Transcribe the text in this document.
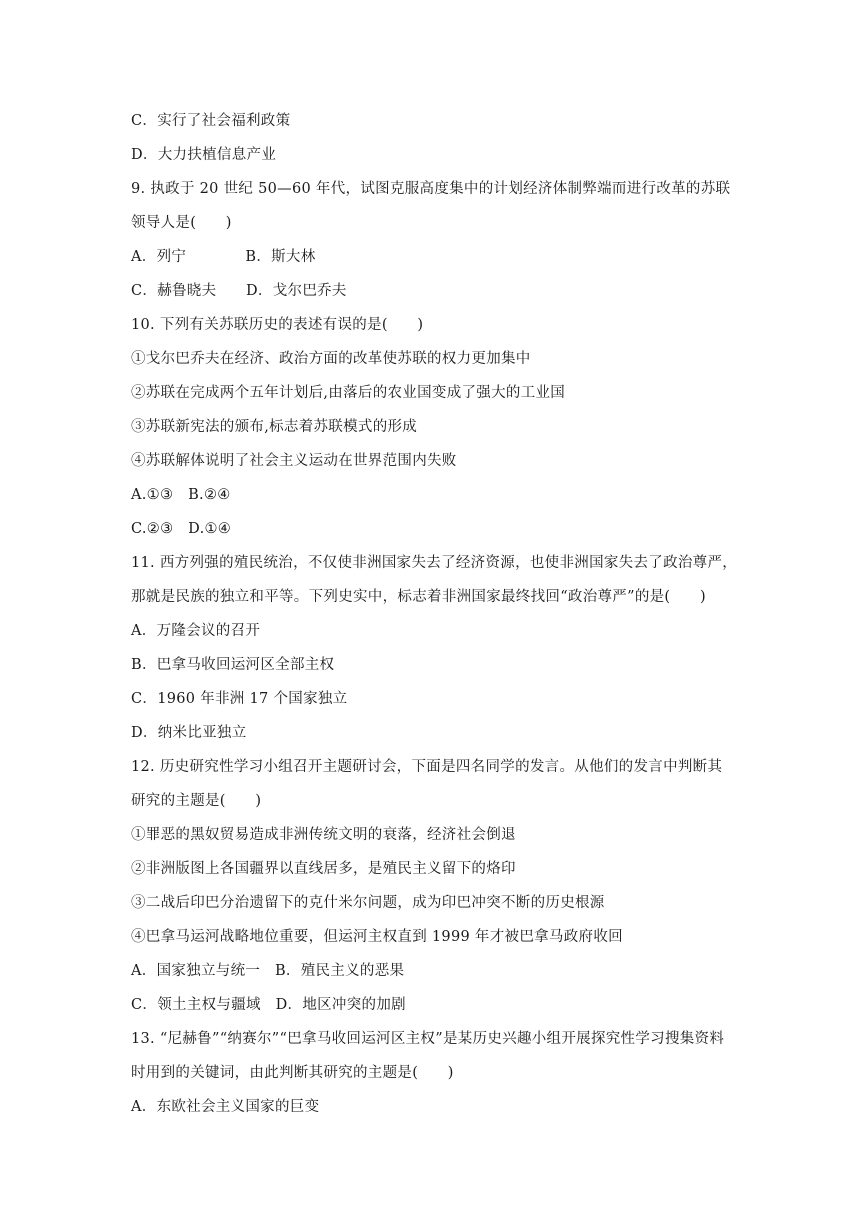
C．实行了社会福利政策
D．大力扶植信息产业
9. 执政于 20 世纪 50—60 年代，试图克服高度集中的计划经济体制弊端而进行改革的苏联
领导人是(　　)
A．列宁　　　　B．斯大林
C．赫鲁晓夫　　D．戈尔巴乔夫
10. 下列有关苏联历史的表述有误的是(　　)
①戈尔巴乔夫在经济、政治方面的改革使苏联的权力更加集中
②苏联在完成两个五年计划后,由落后的农业国变成了强大的工业国
③苏联新宪法的颁布,标志着苏联模式的形成
④苏联解体说明了社会主义运动在世界范围内失败
A.①③　B.②④
C.②③　D.①④
11. 西方列强的殖民统治，不仅使非洲国家失去了经济资源，也使非洲国家失去了政治尊严，
那就是民族的独立和平等。下列史实中，标志着非洲国家最终找回“政治尊严”的是(　　)
A．万隆会议的召开
B．巴拿马收回运河区全部主权
C．1960 年非洲 17 个国家独立
D．纳米比亚独立
12. 历史研究性学习小组召开主题研讨会，下面是四名同学的发言。从他们的发言中判断其
研究的主题是(　　)
①罪恶的黑奴贸易造成非洲传统文明的衰落，经济社会倒退
②非洲版图上各国疆界以直线居多，是殖民主义留下的烙印
③二战后印巴分治遗留下的克什米尔问题，成为印巴冲突不断的历史根源
④巴拿马运河战略地位重要，但运河主权直到 1999 年才被巴拿马政府收回
A．国家独立与统一　B．殖民主义的恶果
C．领土主权与疆域　D．地区冲突的加剧
13. “尼赫鲁”“纳赛尔”“巴拿马收回运河区主权”是某历史兴趣小组开展探究性学习搜集资料
时用到的关键词，由此判断其研究的主题是(　　)
A．东欧社会主义国家的巨变
